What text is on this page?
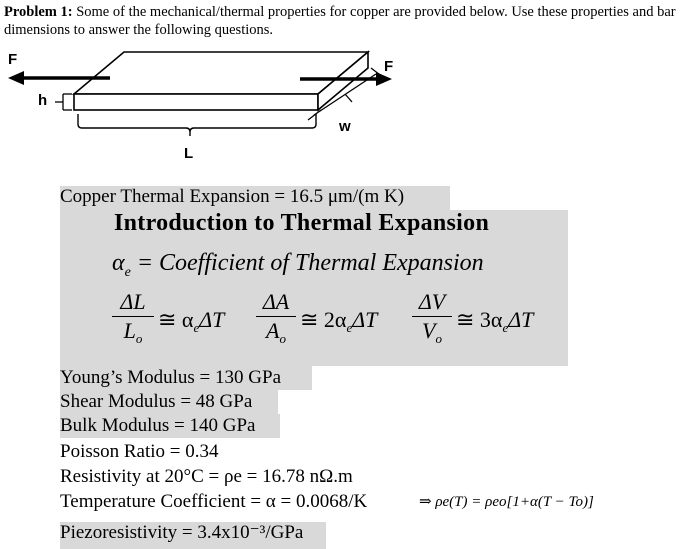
Problem 1: Some of the mechanical/thermal properties for copper are provided below. Use these properties and bar dimensions to answer the following questions.
F	F
h
w
L
Copper Thermal Expansion = 16.5 μm/(m K)
Introduction to Thermal Expansion
$\alpha_e$ = Coefficient of Thermal Expansion
ΔL
$L_o$
≅ $\alpha_e\Delta T$
ΔA
$A_o$
≅ $2\alpha_e\Delta T$
ΔV
$V_o$
≅ $3\alpha_e\Delta T$
Young’s Modulus = 130 GPa
Shear Modulus = 48 GPa
Bulk Modulus = 140 GPa
Poisson Ratio = 0.34
Resistivity at 20°C = ρe = 16.78 nΩ.m
Temperature Coefficient = α = 0.0068/K	⇒ ρe(T) = ρeo[1+α(T − To)]
Piezoresistivity = 3.4x10⁻³/GPa
